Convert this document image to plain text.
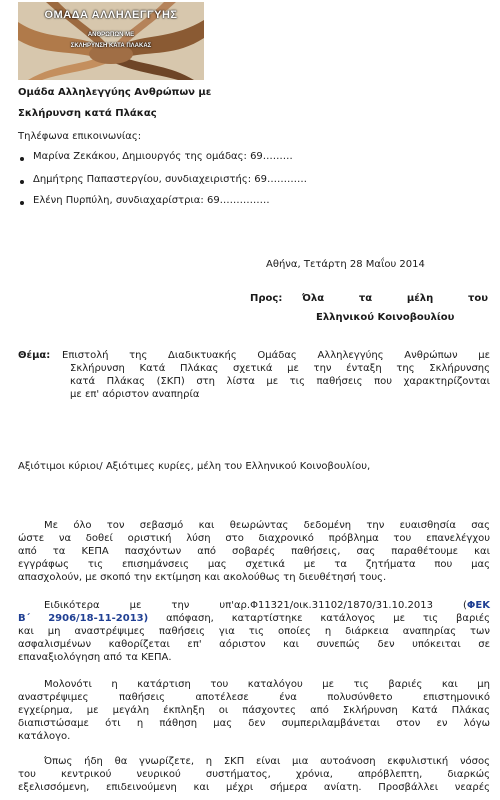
ΟΜΑΔΑ ΑΛΛΗΛΕΓΓΥΗΣ
ΑΝΘΡΩΠΩΝ ΜΕ
ΣΚΛΗΡΥΝΣΗ ΚΑΤΑ ΠΛΑΚΑΣ
Ομάδα Αλληλεγγύης Ανθρώπων με
Σκλήρυνση κατά Πλάκας
Τηλέφωνα επικοινωνίας:
Μαρίνα Ζεκάκου, Δημιουργός της ομάδας: 69………
Δημήτρης Παπαστεργίου, συνδιαχειριστής: 69…………
Ελένη Πυρπύλη, συνδιαχαρίστρια: 69……………
Αθήνα, Τετάρτη 28 Μαΐου 2014
Προς: Όλα τα μέλη του
Ελληνικού Κοινοβουλίου
Θέμα: Επιστολή της Διαδικτυακής Ομάδας Αλληλεγγύης Ανθρώπων με
Σκλήρυνση Κατά Πλάκας σχετικά με την ένταξη της Σκλήρυνσης
κατά Πλάκας (ΣΚΠ) στη λίστα με τις παθήσεις που χαρακτηρίζονται
με επ' αόριστον αναπηρία
Αξιότιμοι κύριοι/ Αξιότιμες κυρίες, μέλη του Ελληνικού Κοινοβουλίου,
Με όλο τον σεβασμό και θεωρώντας δεδομένη την ευαισθησία σας
ώστε να δοθεί οριστική λύση στο διαχρονικό πρόβλημα του επανελέγχου
από τα ΚΕΠΑ πασχόντων από σοβαρές παθήσεις, σας παραθέτουμε και
εγγράφως τις επισημάνσεις μας σχετικά με τα ζητήματα που μας
απασχολούν, με σκοπό την εκτίμηση και ακολούθως τη διευθέτησή τους.
Ειδικότερα με την υπ'αρ.Φ11321/οικ.31102/1870/31.10.2013 (ΦΕΚ
Β΄ 2906/18-11-2013) απόφαση, καταρτίστηκε κατάλογος με τις βαριές
και μη αναστρέψιμες παθήσεις για τις οποίες η διάρκεια αναπηρίας των
ασφαλισμένων καθορίζεται επ' αόριστον και συνεπώς δεν υπόκειται σε
επαναξιολόγηση από τα ΚΕΠΑ.
Μολονότι η κατάρτιση του καταλόγου με τις βαριές και μη
αναστρέψιμες παθήσεις αποτέλεσε ένα πολυσύνθετο επιστημονικό
εγχείρημα, με μεγάλη έκπληξη οι πάσχοντες από Σκλήρυνση Κατά Πλάκας
διαπιστώσαμε ότι η πάθηση μας δεν συμπεριλαμβάνεται στον εν λόγω
κατάλογο.
Όπως ήδη θα γνωρίζετε, η ΣΚΠ είναι μια αυτοάνοση εκφυλιστική νόσος
του κεντρικού νευρικού συστήματος, χρόνια, απρόβλεπτη, διαρκώς
εξελισσόμενη, επιδεινούμενη και μέχρι σήμερα ανίατη. Προσβάλλει νεαρές
